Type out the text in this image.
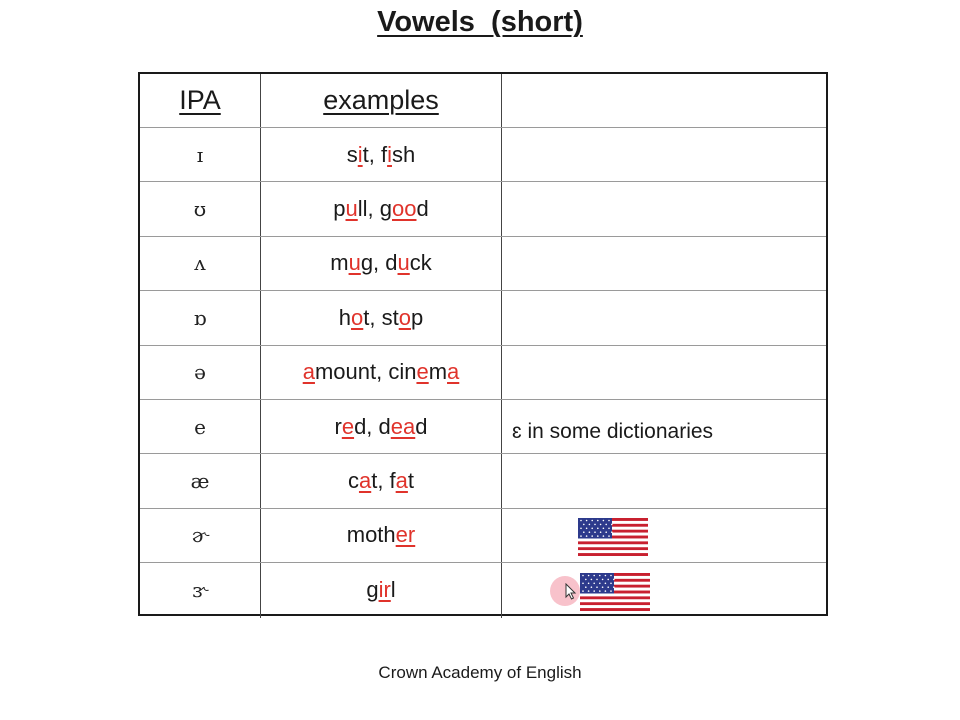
Vowels  (short)
IPA	examples
ɪ	sit, fish
ʊ	pull, good
ʌ	mug, duck
ɒ	hot, stop
ə	amount, cinema
e	red, dead	ɛ in some dictionaries
æ	cat, fat
ɚ	mother
ɝ	girl
Crown Academy of English
